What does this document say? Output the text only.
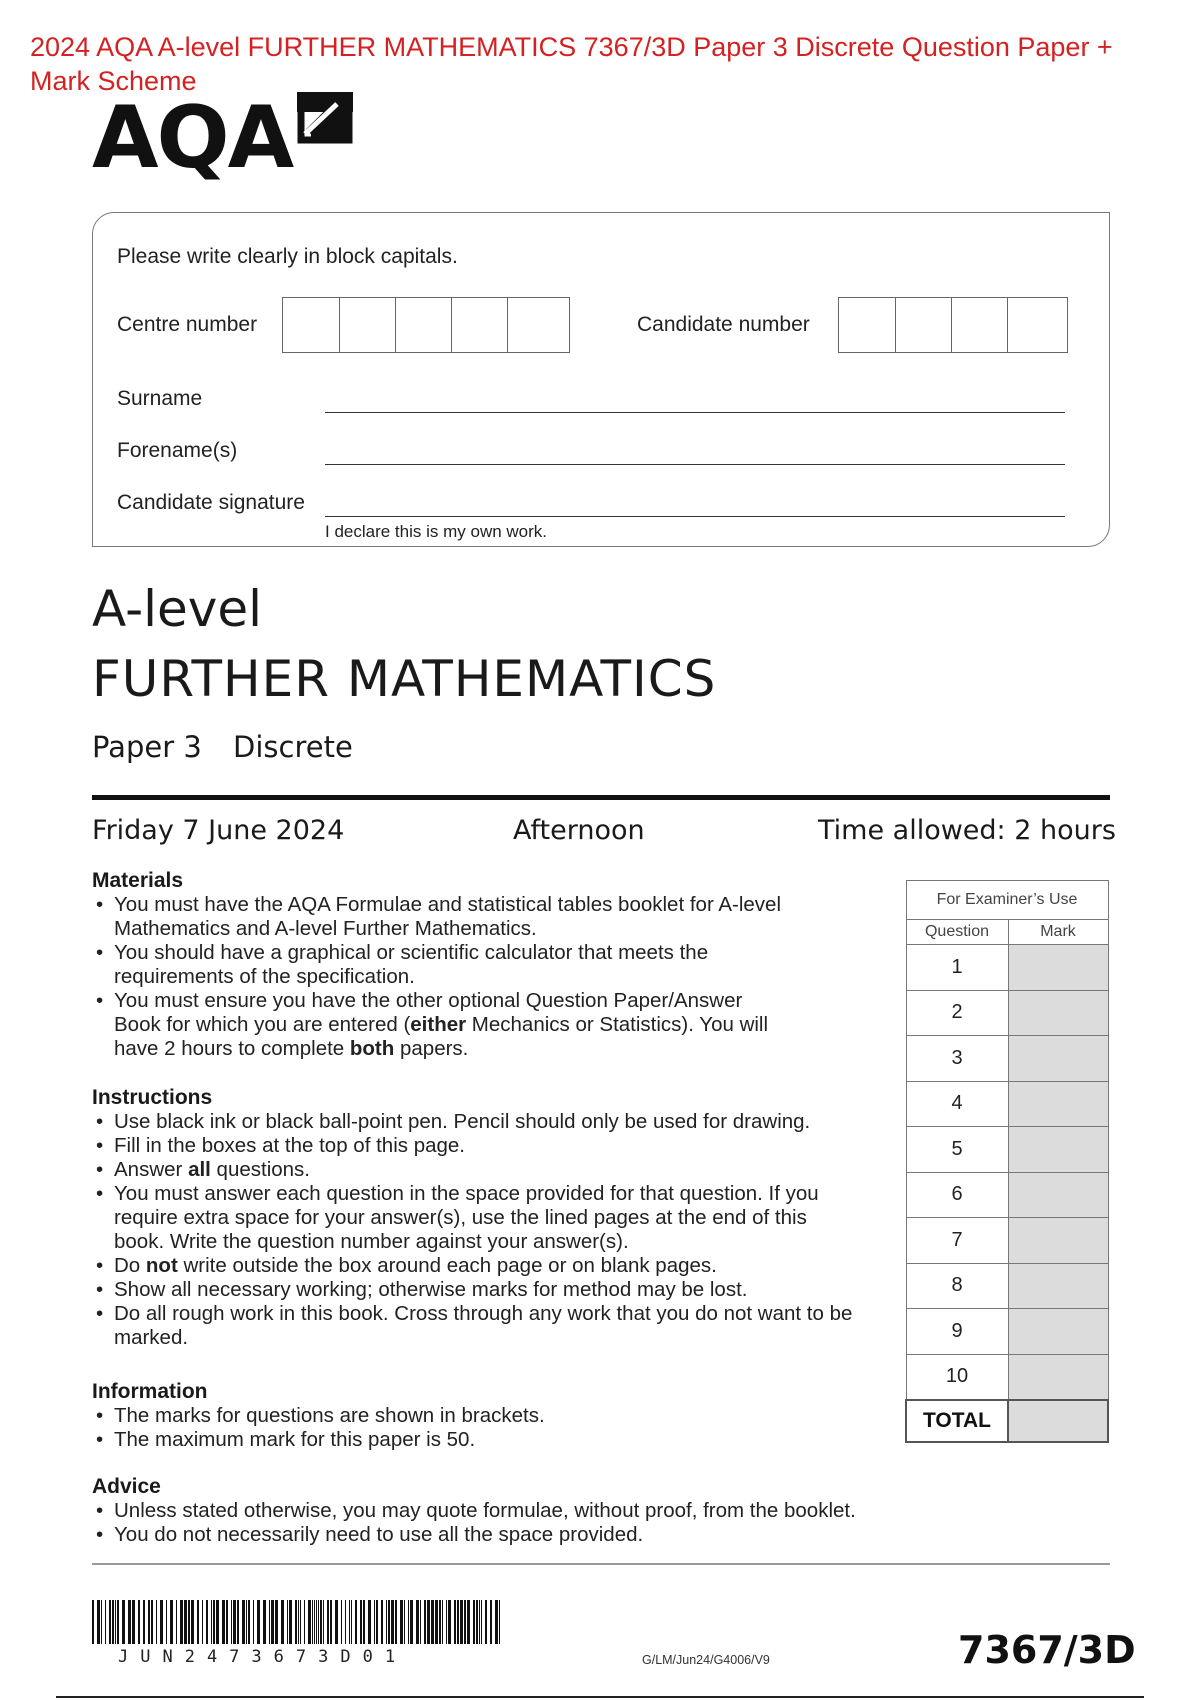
2024 AQA A-level FURTHER MATHEMATICS 7367/3D Paper 3 Discrete Question Paper + Mark Scheme
AQA
Please write clearly in block capitals.
Centre number	Candidate number
Surname
Forename(s)
Candidate signature
I declare this is my own work.
A-level
FURTHER MATHEMATICS
Paper 3 Discrete
Friday 7 June 2024	Afternoon	Time allowed: 2 hours
Materials
• You must have the AQA Formulae and statistical tables booklet for A-level Mathematics and A-level Further Mathematics.
• You should have a graphical or scientific calculator that meets the requirements of the specification.
• You must ensure you have the other optional Question Paper/Answer Book for which you are entered (either Mechanics or Statistics). You will have 2 hours to complete both papers.
Instructions
• Use black ink or black ball-point pen. Pencil should only be used for drawing.
• Fill in the boxes at the top of this page.
• Answer all questions.
• You must answer each question in the space provided for that question. If you require extra space for your answer(s), use the lined pages at the end of this book. Write the question number against your answer(s).
• Do not write outside the box around each page or on blank pages.
• Show all necessary working; otherwise marks for method may be lost.
• Do all rough work in this book. Cross through any work that you do not want to be marked.
Information
• The marks for questions are shown in brackets.
• The maximum mark for this paper is 50.
Advice
• Unless stated otherwise, you may quote formulae, without proof, from the booklet.
• You do not necessarily need to use all the space provided.
For Examiner’s Use	
Question	Mark
1	
2	
3	
4	
5	
6	
7	
8	
9	
10	
TOTAL	
JUN2473673D01	G/LM/Jun24/G4006/V9	7367/3D
